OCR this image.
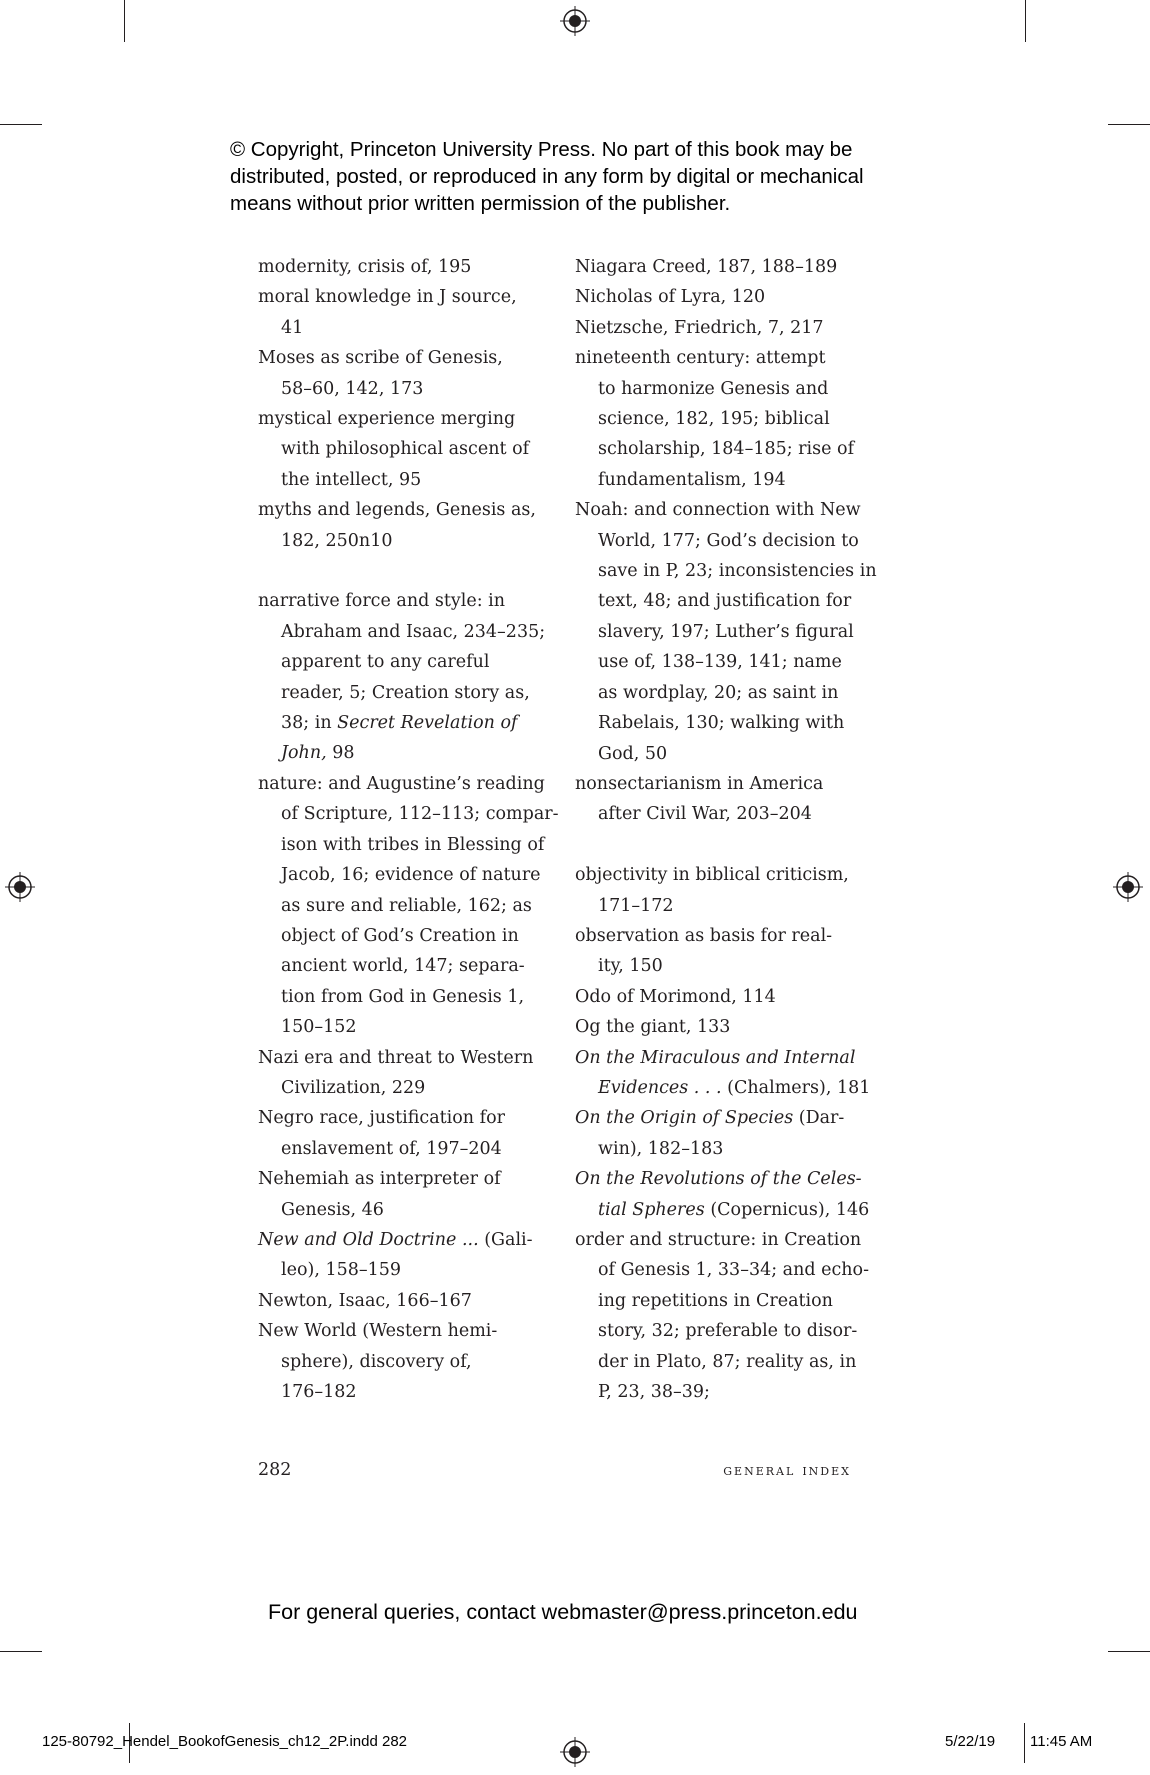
© Copyright, Princeton University Press. No part of this book may be
distributed, posted, or reproduced in any form by digital or mechanical
means without prior written permission of the publisher.
modernity, crisis of, 195
moral knowledge in J source,
41
Moses as scribe of Genesis,
58–60, 142, 173
mystical experience merging
with philosophical ascent of
the intellect, 95
myths and legends, Genesis as,
182, 250n10
narrative force and style: in
Abraham and Isaac, 234–235;
apparent to any careful
reader, 5; Creation story as,
38; in Secret Revelation of
John, 98
nature: and Augustine’s reading
of Scripture, 112–113; compar-
ison with tribes in Blessing of
Jacob, 16; evidence of nature
as sure and reliable, 162; as
object of God’s Creation in
ancient world, 147; separa-
tion from God in Genesis 1,
150–152
Nazi era and threat to Western
Civilization, 229
Negro race, justification for
enslavement of, 197–204
Nehemiah as interpreter of
Genesis, 46
New and Old Doctrine ... (Gali-
leo), 158–159
Newton, Isaac, 166–167
New World (Western hemi-
sphere), discovery of,
176–182
Niagara Creed, 187, 188–189
Nicholas of Lyra, 120
Nietzsche, Friedrich, 7, 217
nineteenth century: attempt
to harmonize Genesis and
science, 182, 195; biblical
scholarship, 184–185; rise of
fundamentalism, 194
Noah: and connection with New
World, 177; God’s decision to
save in P, 23; inconsistencies in
text, 48; and justification for
slavery, 197; Luther’s figural
use of, 138–139, 141; name
as wordplay, 20; as saint in
Rabelais, 130; walking with
God, 50
nonsectarianism in America
after Civil War, 203–204
objectivity in biblical criticism,
171–172
observation as basis for real-
ity, 150
Odo of Morimond, 114
Og the giant, 133
On the Miraculous and Internal
Evidences . . . (Chalmers), 181
On the Origin of Species (Dar-
win), 182–183
On the Revolutions of the Celes-
tial Spheres (Copernicus), 146
order and structure: in Creation
of Genesis 1, 33–34; and echo-
ing repetitions in Creation
story, 32; preferable to disor-
der in Plato, 87; reality as, in
P, 23, 38–39;
282	general index
For general queries, contact webmaster@press.princeton.edu
125-80792_Hendel_BookofGenesis_ch12_2P.indd 282	5/22/19 11:45 AM
